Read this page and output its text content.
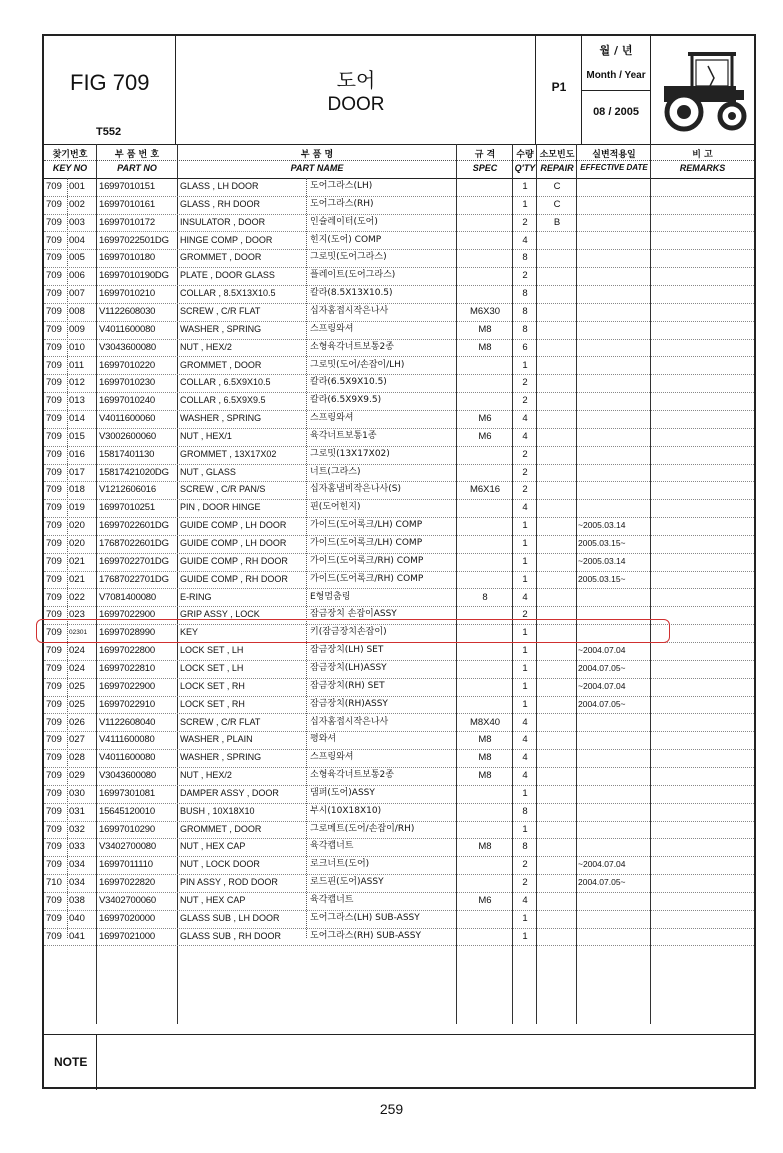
FIG 709
T552
도어
DOOR
P1
월 / 년
Month / Year
08 / 2005
찾기번호
KEY NO
부 품 번 호
PART NO
부 품 명
PART NAME
규 격
SPEC
수량
Q'TY
소모빈도
REPAIR
실변적용일
EFFECTIVE DATE
비 고
REMARKS
709 001	16997010151	GLASS , LH DOOR	도어그라스(LH)	1	C
709 002	16997010161	GLASS , RH DOOR	도어그라스(RH)	1	C
709 003	16997010172	INSULATOR , DOOR	인슐레이터(도어)	2	B
709 004	16997022501DG	HINGE COMP , DOOR	힌지(도어) COMP	4
709 005	16997010180	GROMMET , DOOR	그로밋(도어그라스)	8
709 006	16997010190DG	PLATE , DOOR GLASS	플레이트(도어그라스)	2
709 007	16997010210	COLLAR , 8.5X13X10.5	칼라(8.5X13X10.5)	8
709 008	V1122608030	SCREW , C/R FLAT	십자홈접시작은나사	M6X30	8
709 009	V4011600080	WASHER , SPRING	스프링와셔	M8	8
709 010	V3043600080	NUT , HEX/2	소형육각너트보통2종	M8	6
709 011	16997010220	GROMMET , DOOR	그로밋(도어/손잡이/LH)	1
709 012	16997010230	COLLAR , 6.5X9X10.5	칼라(6.5X9X10.5)	2
709 013	16997010240	COLLAR , 6.5X9X9.5	칼라(6.5X9X9.5)	2
709 014	V4011600060	WASHER , SPRING	스프링와셔	M6	4
709 015	V3002600060	NUT , HEX/1	육각너트보통1종	M6	4
709 016	15817401130	GROMMET , 13X17X02	그로밋(13X17X02)	2
709 017	15817421020DG	NUT , GLASS	너트(그라스)	2
709 018	V1212606016	SCREW , C/R PAN/S	십자홈냄비작은나사(S)	M6X16	2
709 019	16997010251	PIN , DOOR HINGE	핀(도어힌지)	4
709 020	16997022601DG	GUIDE COMP , LH DOOR	가이드(도어록크/LH) COMP	1	~2005.03.14
709 020	17687022601DG	GUIDE COMP , LH DOOR	가이드(도어록크/LH) COMP	1	2005.03.15~
709 021	16997022701DG	GUIDE COMP , RH DOOR	가이드(도어록크/RH) COMP	1	~2005.03.14
709 021	17687022701DG	GUIDE COMP , RH DOOR	가이드(도어록크/RH) COMP	1	2005.03.15~
709 022	V7081400080	E-RING	E형멈춤링	8	4
709 023	16997022900	GRIP ASSY , LOCK	잠금장치 손잡이ASSY	2
709	02301	16997028990	KEY	키(잠금장치손잡이)	1
709 024	16997022800	LOCK SET , LH	잠금장치(LH) SET	1	~2004.07.04
709 024	16997022810	LOCK SET , LH	잠금장치(LH)ASSY	1	2004.07.05~
709 025	16997022900	LOCK SET , RH	잠금장치(RH) SET	1	~2004.07.04
709 025	16997022910	LOCK SET , RH	잠금장치(RH)ASSY	1	2004.07.05~
709 026	V1122608040	SCREW , C/R FLAT	십자홈접시작은나사	M8X40	4
709 027	V4111600080	WASHER , PLAIN	평와셔	M8	4
709 028	V4011600080	WASHER , SPRING	스프링와셔	M8	4
709 029	V3043600080	NUT , HEX/2	소형육각너트보통2종	M8	4
709 030	16997301081	DAMPER ASSY , DOOR	댐퍼(도어)ASSY	1
709 031	15645120010	BUSH , 10X18X10	부시(10X18X10)	8
709 032	16997010290	GROMMET , DOOR	그로메트(도어/손잡이/RH)	1
709 033	V3402700080	NUT , HEX CAP	육각캡너트	M8	8
709 034	16997011110	NUT , LOCK DOOR	로크너트(도어)	2	~2004.07.04
710 034	16997022820	PIN ASSY , ROD DOOR	로드핀(도어)ASSY	2	2004.07.05~
709 038	V3402700060	NUT , HEX CAP	육각캡너트	M6	4
709 040	16997020000	GLASS SUB , LH DOOR	도어그라스(LH) SUB-ASSY	1
709 041	16997021000	GLASS SUB , RH DOOR	도어그라스(RH) SUB-ASSY	1
NOTE
259
